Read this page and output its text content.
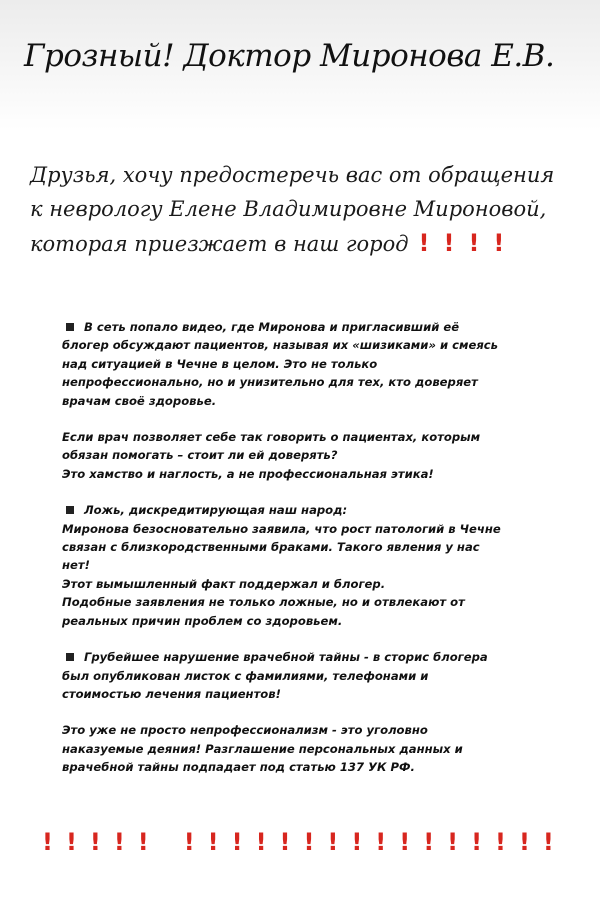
Грозный! Доктор Миронова Е.В.
Друзья, хочу предостеречь вас от обращения
к неврологу Елене Владимировне Мироновой,
которая приезжает в наш город !!!!

В сеть попало видео, где Миронова и пригласивший её
блогер обсуждают пациентов, называя их «шизиками» и смеясь
над ситуацией в Чечне в целом. Это не только
непрофессионально, но и унизительно для тех, кто доверяет
врачам своё здоровье.

Если врач позволяет себе так говорить о пациентах, которым
обязан помогать – стоит ли ей доверять?
Это хамство и наглость, а не профессиональная этика!

Ложь, дискредитирующая наш народ:
Миронова безосновательно заявила, что рост патологий в Чечне
связан с близкородственными браками. Такого явления у нас
нет!
Этот вымышленный факт поддержал и блогер.
Подобные заявления не только ложные, но и отвлекают от
реальных причин проблем со здоровьем.

Грубейшее нарушение врачебной тайны - в сторис блогера
был опубликован листок с фамилиями, телефонами и
стоимостью лечения пациентов!

Это уже не просто непрофессионализм - это уголовно
наказуемые деяния! Разглашение персональных данных и
врачебной тайны подпадает под статью 137 УК РФ.

!!!!! !!!!!!!!!!!!!!!!
